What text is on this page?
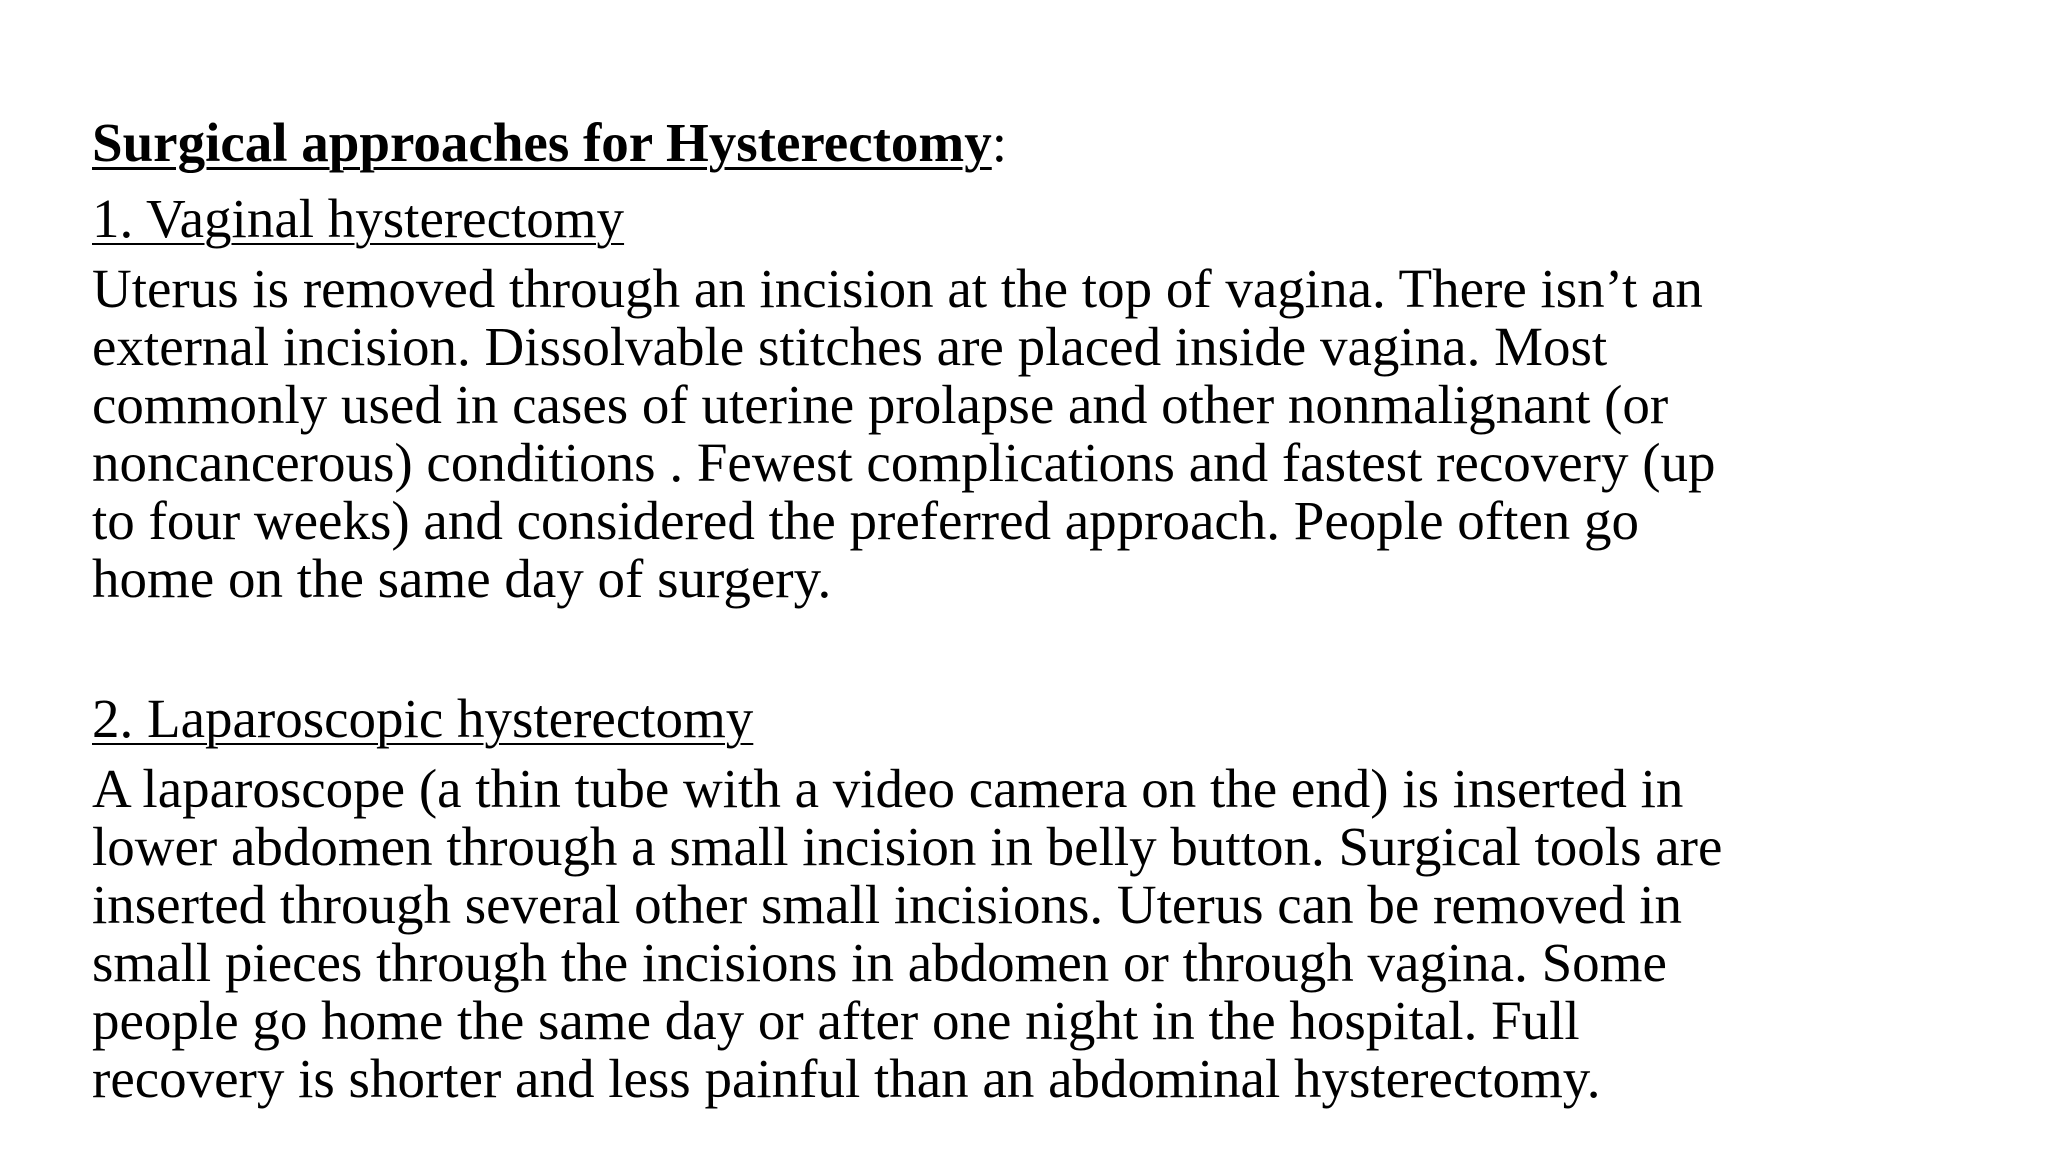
Surgical approaches for Hysterectomy:
1. Vaginal hysterectomy
Uterus is removed through an incision at the top of vagina. There isn’t an
external incision. Dissolvable stitches are placed inside vagina. Most
commonly used in cases of uterine prolapse and other nonmalignant (or
noncancerous) conditions . Fewest complications and fastest recovery (up
to four weeks) and considered the preferred approach. People often go
home on the same day of surgery.
2. Laparoscopic hysterectomy
A laparoscope (a thin tube with a video camera on the end) is inserted in
lower abdomen through a small incision in belly button. Surgical tools are
inserted through several other small incisions. Uterus can be removed in
small pieces through the incisions in abdomen or through vagina. Some
people go home the same day or after one night in the hospital. Full
recovery is shorter and less painful than an abdominal hysterectomy.
